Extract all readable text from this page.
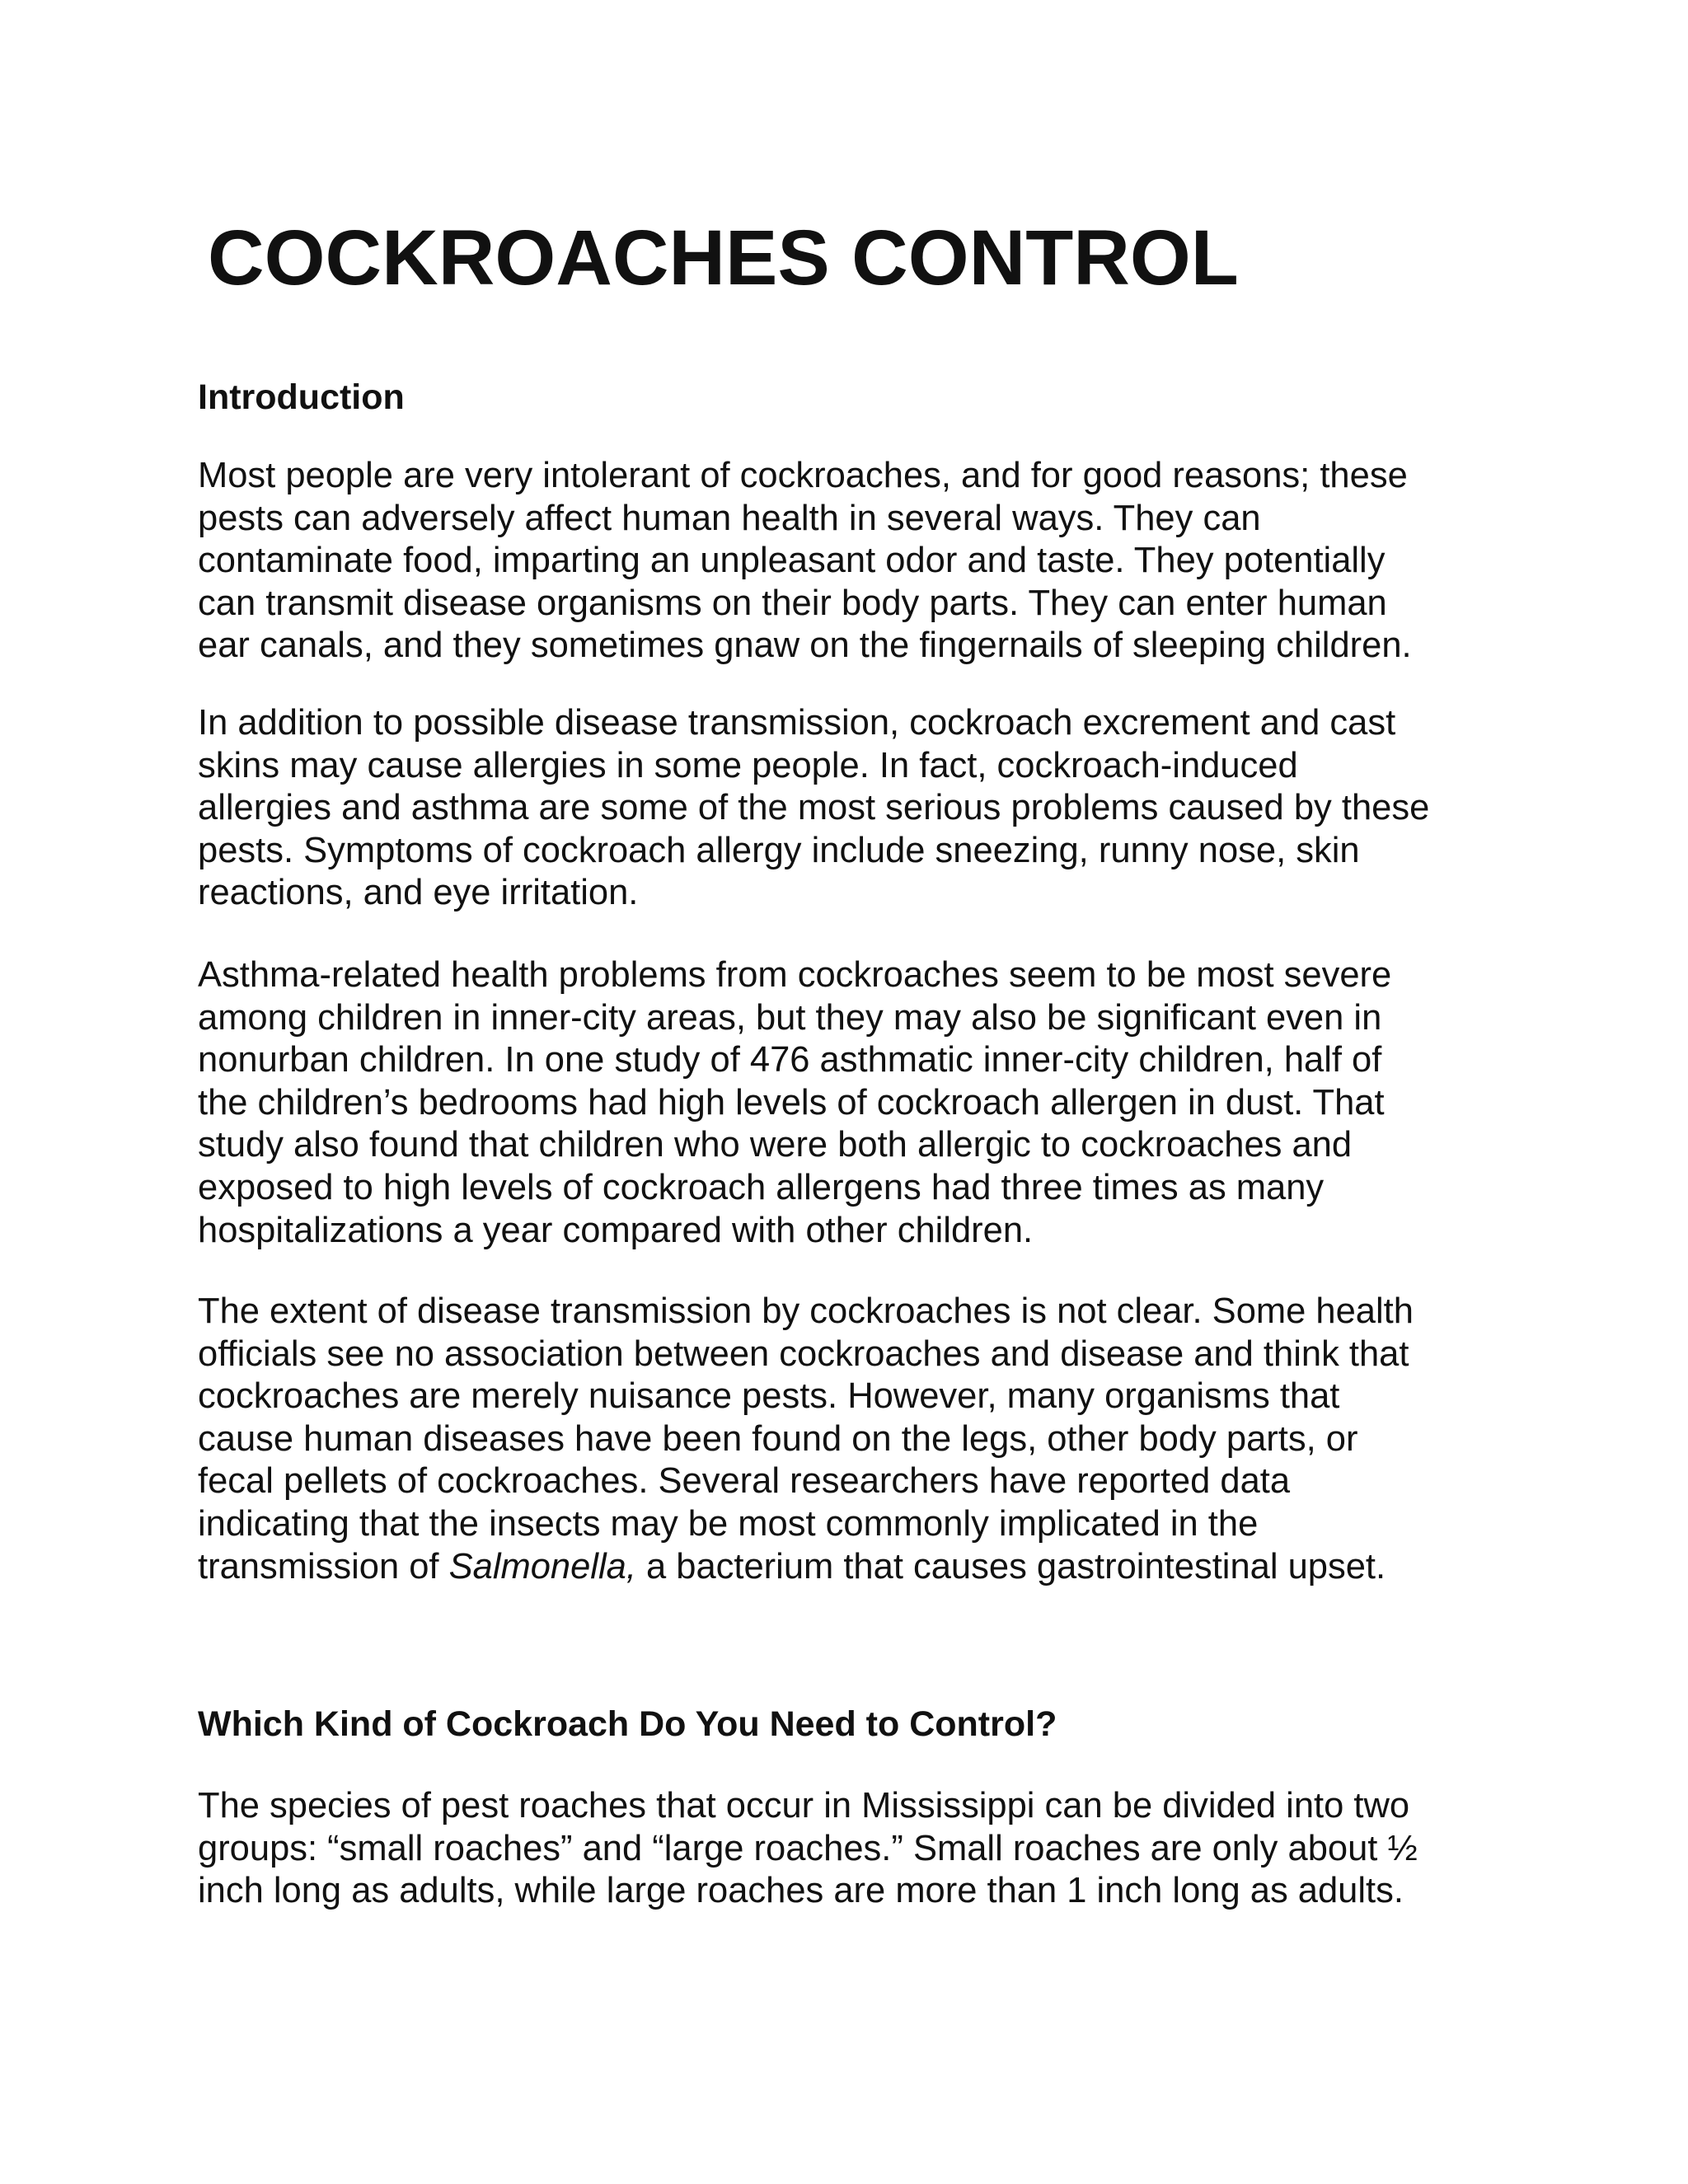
COCKROACHES CONTROL
Introduction

Most people are very intolerant of cockroaches, and for good reasons; these
pests can adversely affect human health in several ways. They can
contaminate food, imparting an unpleasant odor and taste. They potentially
can transmit disease organisms on their body parts. They can enter human
ear canals, and they sometimes gnaw on the fingernails of sleeping children.

In addition to possible disease transmission, cockroach excrement and cast
skins may cause allergies in some people. In fact, cockroach-induced
allergies and asthma are some of the most serious problems caused by these
pests. Symptoms of cockroach allergy include sneezing, runny nose, skin
reactions, and eye irritation.

Asthma-related health problems from cockroaches seem to be most severe
among children in inner-city areas, but they may also be significant even in
nonurban children. In one study of 476 asthmatic inner-city children, half of
the children’s bedrooms had high levels of cockroach allergen in dust. That
study also found that children who were both allergic to cockroaches and
exposed to high levels of cockroach allergens had three times as many
hospitalizations a year compared with other children.

The extent of disease transmission by cockroaches is not clear. Some health
officials see no association between cockroaches and disease and think that
cockroaches are merely nuisance pests. However, many organisms that
cause human diseases have been found on the legs, other body parts, or
fecal pellets of cockroaches. Several researchers have reported data
indicating that the insects may be most commonly implicated in the
transmission of Salmonella, a bacterium that causes gastrointestinal upset.

Which Kind of Cockroach Do You Need to Control?

The species of pest roaches that occur in Mississippi can be divided into two
groups: “small roaches” and “large roaches.” Small roaches are only about ½
inch long as adults, while large roaches are more than 1 inch long as adults.
